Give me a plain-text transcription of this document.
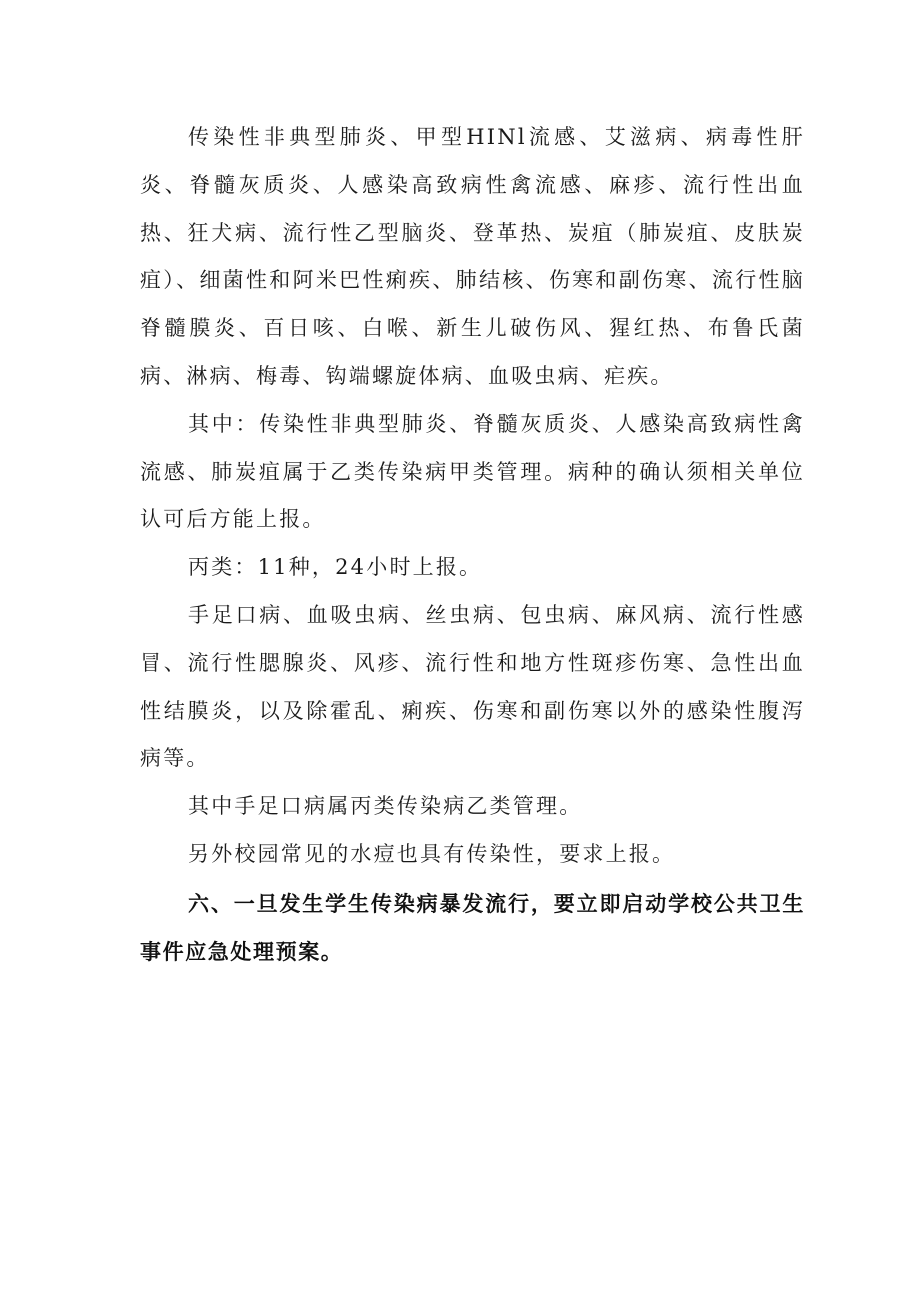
传染性非典型肺炎、甲型HINl流感、艾滋病、病毒性肝炎、脊髓灰质炎、人感染高致病性禽流感、麻疹、流行性出血热、狂犬病、流行性乙型脑炎、登革热、炭疽（肺炭疽、皮肤炭疽）、细菌性和阿米巴性痢疾、肺结核、伤寒和副伤寒、流行性脑脊髓膜炎、百日咳、白喉、新生儿破伤风、猩红热、布鲁氏菌病、淋病、梅毒、钩端螺旋体病、血吸虫病、疟疾。

其中：传染性非典型肺炎、脊髓灰质炎、人感染高致病性禽流感、肺炭疽属于乙类传染病甲类管理。病种的确认须相关单位认可后方能上报。

丙类：11种，24小时上报。

手足口病、血吸虫病、丝虫病、包虫病、麻风病、流行性感冒、流行性腮腺炎、风疹、流行性和地方性斑疹伤寒、急性出血性结膜炎，以及除霍乱、痢疾、伤寒和副伤寒以外的感染性腹泻病等。

其中手足口病属丙类传染病乙类管理。

另外校园常见的水痘也具有传染性，要求上报。

六、一旦发生学生传染病暴发流行，要立即启动学校公共卫生事件应急处理预案。
